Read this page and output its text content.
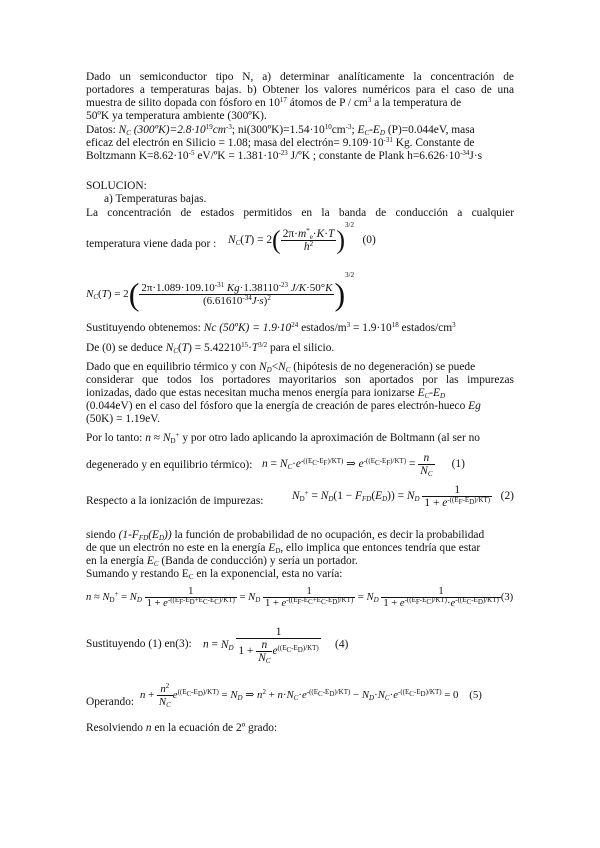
Dado un semiconductor tipo N, a) determinar analíticamente la concentración de
portadores a temperaturas bajas. b) Obtener los valores numéricos para el caso de una
muestra de silito dopada con fósforo en $10^{17}$ átomos de P / $cm^3$ a la temperatura de
50ºK ya temperatura ambiente (300ºK).
Datos: $N_C$ $(300ºK)=2.8\cdot 10^{19}cm^{-3}$; $ni(300ºK)=1.54\cdot 10^{10}cm^{-3}$; $E_C-E_D$ (P)=0.044eV, masa
eficaz del electrón en Silicio = 1.08; masa del electrón= $9.109\cdot 10^{-31}$ Kg. Constante de
Boltzmann $K=8.62\cdot 10^{-5}$ eV/ºK = $1.381\cdot 10^{-23}$ J/ºK ; constante de Plank $h=6.626\cdot 10^{-34}J\cdot s$
SOLUCION:
a) Temperaturas bajas.
La concentración de estados permitidos en la banda de conducción a cualquier
temperatura viene dada por :	$N_C(T) = 2( \frac{2\pi\cdot m^*_e\cdot K\cdot T}{h^2} )^{3/2}$   (0)
$N_C(T) = 2( \frac{2\pi\cdot 1.089\cdot 109.10^{-31} Kg\cdot 1.38110^{-23} J/K\cdot 50^\circ K}{(6.61610^{-34}J\cdot s)^2} )^{3/2}$
Sustituyendo obtenemos: Nc (50ºK) = $1.9\cdot 10^{24}$ estados/$m^3 = 1.9\cdot 10^{18}$ estados/$cm^3$
De (0) se deduce $N_C(T) = 5.42210^{15}\cdot T^{3/2}$ para el silicio.
Dado que en equilibrio térmico y con $N_D<N_C$ (hipótesis de no degeneración) se puede
considerar que todos los portadores mayoritarios son aportados por las impurezas
ionizadas, dado que estas necesitan mucha menos energía para ionizarse $E_C-E_D$
(0.044eV) en el caso del fósforo que la energía de creación de pares electrón-hueco Eg
(50K) = 1.19eV.
Por lo tanto: $n \approx N_D^+$ y por otro lado aplicando la aproximación de Boltmann (al ser no
degenerado y en equilibrio térmico): $n = N_C\cdot e^{-((E_C-E_F)/KT)}$ ⇒ $e^{-((E_C-E_F)/KT)} = \frac{n}{N_C} (1)$
Respecto a la ionización de impurezas:	$N_D^+ = N_D(1 - F_{FD}(E_D)) = N_D \frac{1}{1 + e^{-((E_F-E_D)/KT)}} (2)$
siendo $(1-F_{FD}(E_D))$ la función de probabilidad de no ocupación, es decir la probabilidad
de que un electrón no este en la energía $E_D$, ello implica que entonces tendría que estar
en la energía $E_C$ (Banda de conducción) y sería un portador.
Sumando y restando $E_C$ en la exponencial, esta no varía:
$n \approx N_D^+ = N_D \frac{1}{1 + e^{-((E_F-E_D+E_C-E_C)/KT)}} = N_D \frac{1}{1 + e^{-((E_F-E_C+E_C-E_D)/KT)}} = N_D \frac{1}{1 + e^{-((E_F-E_C)/KT)}\cdot e^{-((E_C-E_D)/KT)}} (3)$
Sustituyendo (1) en(3): $n = N_D \frac{1}{1 + \frac{n}{N_C} e^{((E_C-E_D)/KT)}} (4)$
Operando:
$n + \frac{n^2}{N_C} e^{((E_C-E_D)/KT)} = N_D$ ⇒ $n^2 + n\cdot N_C\cdot e^{-((E_C-E_D)/KT)} - N_D\cdot N_C\cdot e^{-((E_C-E_D)/KT)} = 0$    (5)
Resolviendo n en la ecuación de 2º grado:
